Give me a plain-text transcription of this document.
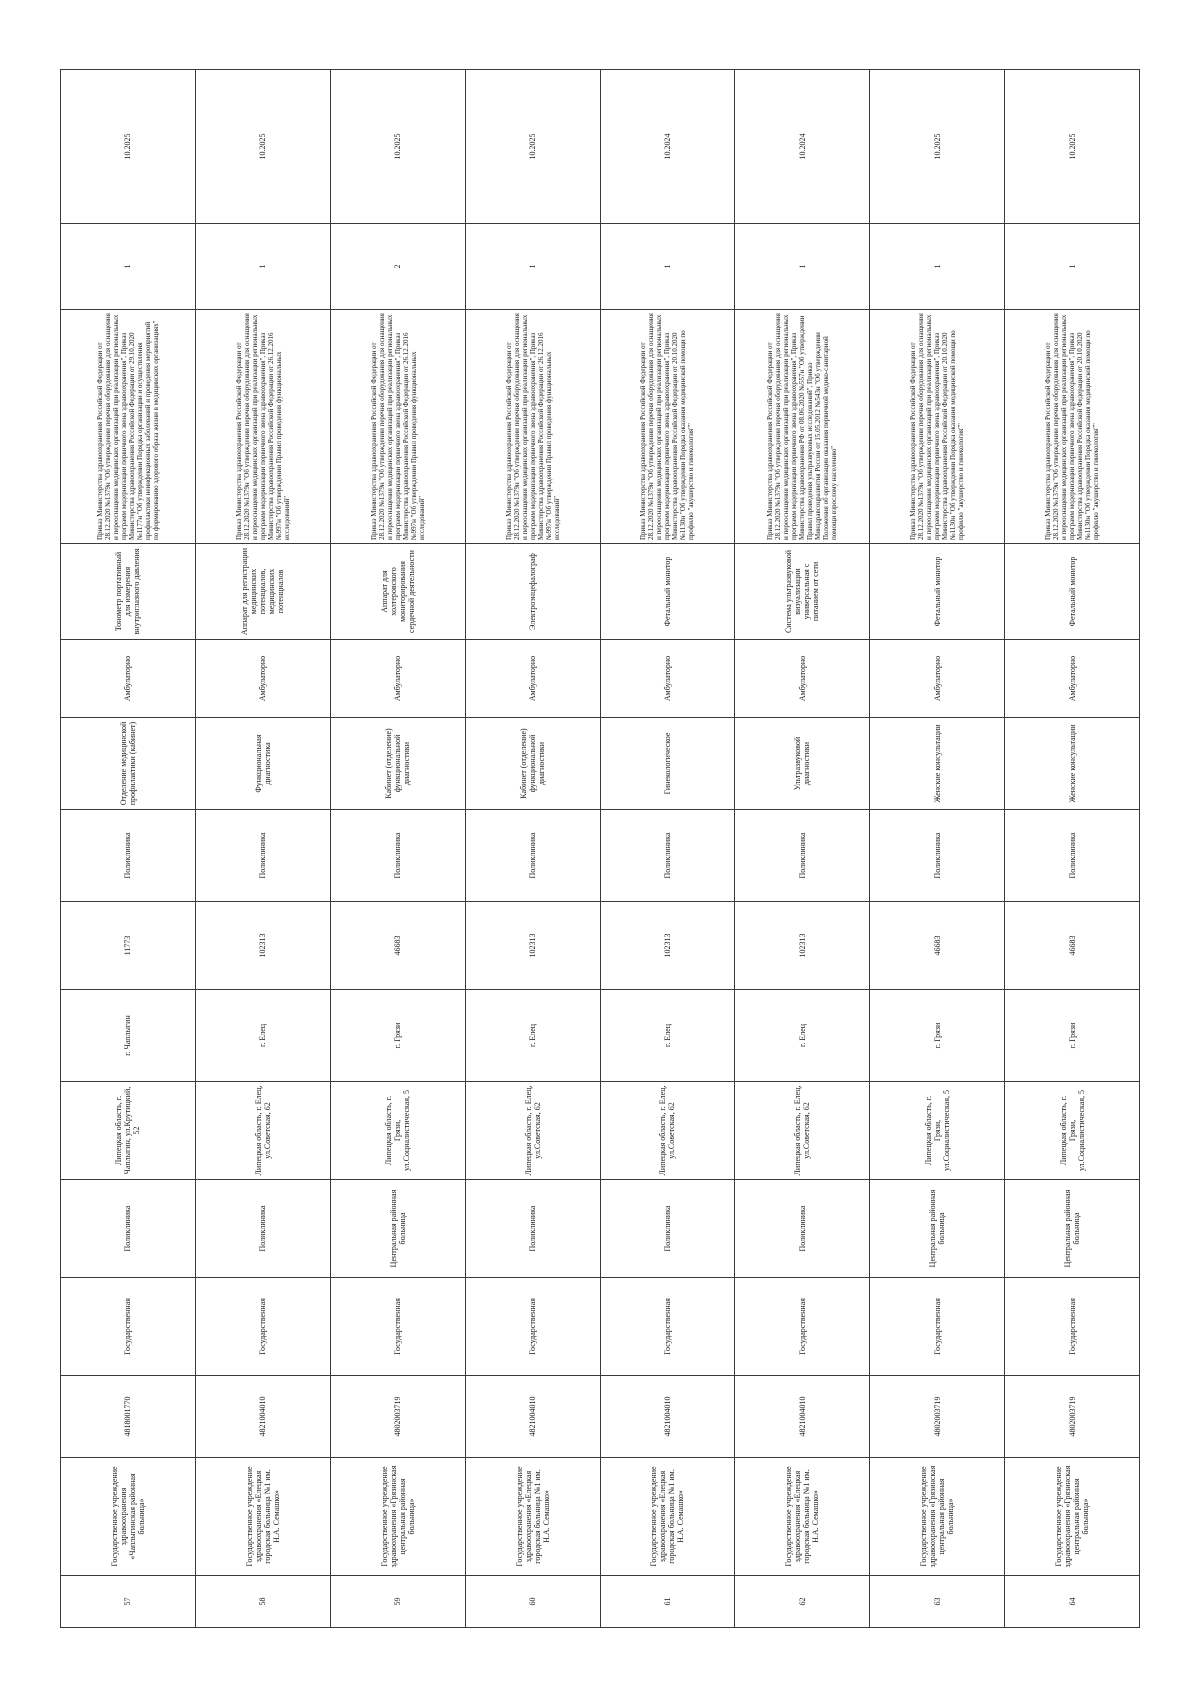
57	Государственное учреждение здравоохранения «Чаплыгинская районная больница»	4818001770	Государственная	Поликлиника	Липецкая область, г. Чаплыгин, ул.Крутицкий, 52	г. Чаплыгин	11773	Поликлиника	Отделение медицинской профилактики (кабинет)	Амбулаторно	Тонометр портативный для измерения внутриглазного давления	Приказ Министерства здравоохранения Российской Федерации от 28.12.2020 №1379н "Об утверждении перечня оборудования для оснащения и переоснащения медицинских организаций при реализации региональных программ модернизации первичного звена здравоохранения", Приказ Министерства здравоохранения Российской Федерации от 29.10.2020 №1177н "Об утверждении Порядка организации и осуществления профилактики неинфекционных заболеваний и проведения мероприятий по формированию здорового образа жизни в медицинских организациях"	1	10.2025
58	Государственное учреждение здравоохранения «Елецкая городская больница №1 им. Н.А. Семашко»	4821004010	Государственная	Поликлиника	Липецкая область, г. Елец, ул.Советская, 62	г. Елец	102313	Поликлиника	Функциональная диагностика	Амбулаторно	Аппарат для регистрации медицинских потенциалов, медицинских потенциалов	Приказ Министерства здравоохранения Российской Федерации от 28.12.2020 №1379н "Об утверждении перечня оборудования для оснащения и переоснащения медицинских организаций при реализации региональных программ модернизации первичного звена здравоохранения", Приказ Министерства здравоохранения Российской Федерации от 26.12.2016 №997н "Об утверждении Правил проведения функциональных исследований"	1	10.2025
59	Государственное учреждение здравоохранения «Грязинская центральная районная больница»	4802003719	Государственная	Центральная районная больница	Липецкая область, г. Грязи, ул.Социалистическая, 5	г. Грязи	46683	Поликлиника	Кабинет (отделение) функциональной диагностики	Амбулаторно	Аппарат для холтеровского мониторирования сердечной деятельности	Приказ Министерства здравоохранения Российской Федерации от 28.12.2020 №1379н "Об утверждении перечня оборудования для оснащения и переоснащения медицинских организаций при реализации региональных программ модернизации первичного звена здравоохранения", Приказ Министерства здравоохранения Российской Федерации от 26.12.2016 №997н "Об утверждении Правил проведения функциональных исследований"	2	10.2025
60	Государственное учреждение здравоохранения «Елецкая городская больница №1 им. Н.А. Семашко»	4821004010	Государственная	Поликлиника	Липецкая область, г. Елец, ул.Советская, 62	г. Елец	102313	Поликлиника	Кабинет (отделение) функциональной диагностики	Амбулаторно	Электроэнцефалограф	Приказ Министерства здравоохранения Российской Федерации от 28.12.2020 №1379н "Об утверждении перечня оборудования для оснащения и переоснащения медицинских организаций при реализации региональных программ модернизации первичного звена здравоохранения", Приказ Министерства здравоохранения Российской Федерации от 26.12.2016 №997н "Об утверждении Правил проведения функциональных исследований"	1	10.2025
61	Государственное учреждение здравоохранения «Елецкая городская больница №1 им. Н.А. Семашко»	4821004010	Государственная	Поликлиника	Липецкая область, г. Елец, ул.Советская, 62	г. Елец	102313	Поликлиника	Гинекологическое	Амбулаторно	Фетальный монитор	Приказ Министерства здравоохранения Российской Федерации от 28.12.2020 №1379н "Об утверждении перечня оборудования для оснащения и переоснащения медицинских организаций при реализации региональных программ модернизации первичного звена здравоохранения", Приказ Министерства здравоохранения Российской Федерации от 20.10.2020 №1130н "Об утверждении Порядка оказания медицинской помощи по профилю "акушерство и гинекология""	1	10.2024
62	Государственное учреждение здравоохранения «Елецкая городская больница №1 им. Н.А. Семашко»	4821004010	Государственная	Поликлиника	Липецкая область, г. Елец, ул.Советская, 62	г. Елец	102313	Поликлиника	Ультразвуковой диагностики	Амбулаторно	Система ультразвуковой визуализации универсальная с питанием от сети	Приказ Министерства здравоохранения Российской Федерации от 28.12.2020 №1379н "Об утверждении перечня оборудования для оснащения и переоснащения медицинских организаций при реализации региональных программ модернизации первичного звена здравоохранения", Приказ Министерства здравоохранения РФ от 08.06.2020 №557н "Об утверждении Правил проведения ультразвуковых исследований", Приказ Минздравсоцразвития России от 15.05.2012 №543н "Об утверждении Положения об организации оказания первичной медико-санитарной помощи взрослому населению"	1	10.2024
63	Государственное учреждение здравоохранения «Грязинская центральная районная больница»	4802003719	Государственная	Центральная районная больница	Липецкая область, г. Грязи, ул.Социалистическая, 5	г. Грязи	46683	Поликлиника	Женские консультации	Амбулаторно	Фетальный монитор	Приказ Министерства здравоохранения Российской Федерации от 28.12.2020 №1379н "Об утверждении перечня оборудования для оснащения и переоснащения медицинских организаций при реализации региональных программ модернизации первичного звена здравоохранения", Приказ Министерства здравоохранения Российской Федерации от 20.10.2020 №1130н "Об утверждении Порядка оказания медицинской помощи по профилю "акушерство и гинекология""	1	10.2025
64	Государственное учреждение здравоохранения «Грязинская центральная районная больница»	4802003719	Государственная	Центральная районная больница	Липецкая область, г. Грязи, ул.Социалистическая, 5	г. Грязи	46683	Поликлиника	Женские консультации	Амбулаторно	Фетальный монитор	Приказ Министерства здравоохранения Российской Федерации от 28.12.2020 №1379н "Об утверждении перечня оборудования для оснащения и переоснащения медицинских организаций при реализации региональных программ модернизации первичного звена здравоохранения", Приказ Министерства здравоохранения Российской Федерации от 20.10.2020 №1130н "Об утверждении Порядка оказания медицинской помощи по профилю "акушерство и гинекология""	1	10.2025
